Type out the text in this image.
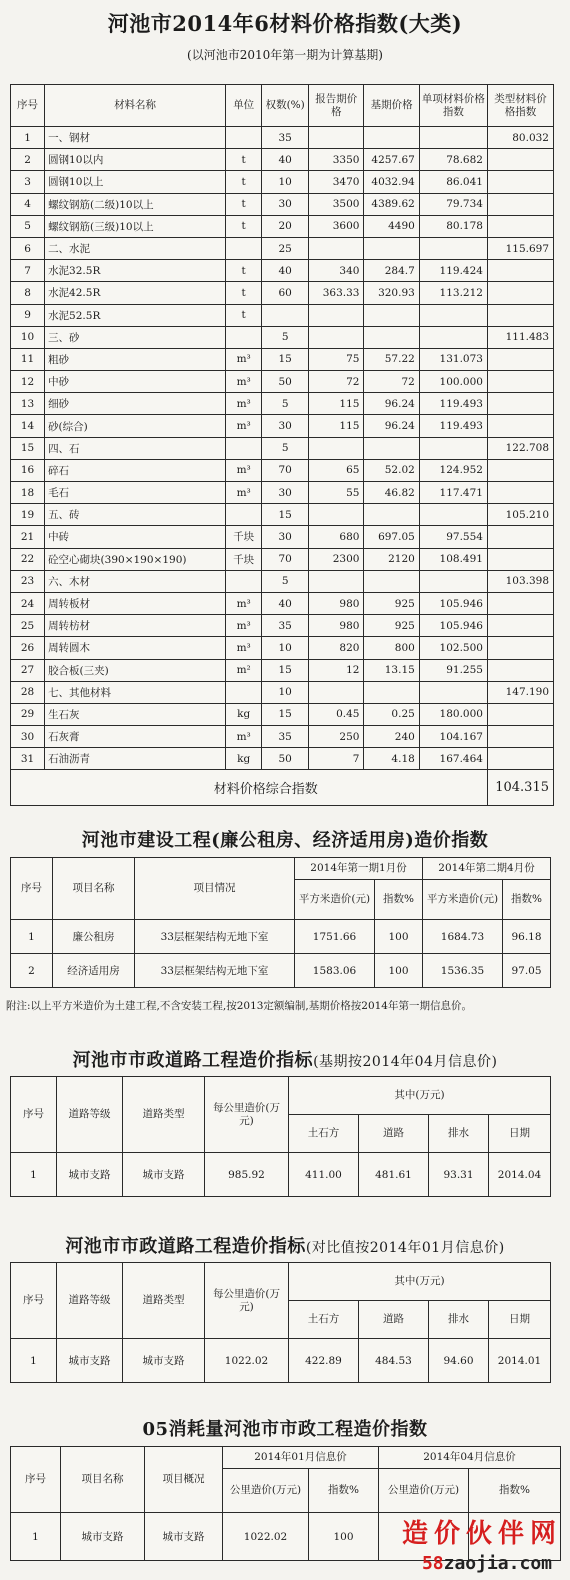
河池市2014年6材料价格指数(大类)
(以河池市2010年第一期为计算基期)
序号	材料名称	单位	权数(%)	报告期价格	基期价格	单项材料价格指数	类型材料价格指数
1	一、钢材		35				80.032
2	圆钢10以内	t	40	3350	4257.67	78.682	
3	圆钢10以上	t	10	3470	4032.94	86.041	
4	螺纹钢筋(二级)10以上	t	30	3500	4389.62	79.734	
5	螺纹钢筋(三级)10以上	t	20	3600	4490	80.178	
6	二、水泥		25				115.697
7	水泥32.5R	t	40	340	284.7	119.424	
8	水泥42.5R	t	60	363.33	320.93	113.212	
9	水泥52.5R	t					
10	三、砂		5				111.483
11	粗砂	m³	15	75	57.22	131.073	
12	中砂	m³	50	72	72	100.000	
13	细砂	m³	5	115	96.24	119.493	
14	砂(综合)	m³	30	115	96.24	119.493	
15	四、石		5				122.708
16	碎石	m³	70	65	52.02	124.952	
18	毛石	m³	30	55	46.82	117.471	
19	五、砖		15				105.210
21	中砖	千块	30	680	697.05	97.554	
22	砼空心砌块(390×190×190)	千块	70	2300	2120	108.491	
23	六、木材		5				103.398
24	周转板材	m³	40	980	925	105.946	
25	周转枋材	m³	35	980	925	105.946	
26	周转圆木	m³	10	820	800	102.500	
27	胶合板(三夹)	m²	15	12	13.15	91.255	
28	七、其他材料		10				147.190
29	生石灰	kg	15	0.45	0.25	180.000	
30	石灰膏	m³	35	250	240	104.167	
31	石油沥青	kg	50	7	4.18	167.464	
	材料价格综合指数						104.315
河池市建设工程(廉公租房、经济适用房)造价指数
序号	项目名称	项目情况	2014年第一期1月份		2014年第二期4月份	
			平方米造价(元)	指数%	平方米造价(元)	指数%
1	廉公租房	33层框架结构无地下室	1751.66	100	1684.73	96.18
2	经济适用房	33层框架结构无地下室	1583.06	100	1536.35	97.05
附注:以上平方米造价为土建工程,不含安装工程,按2013定额编制,基期价格按2014年第一期信息价。
河池市市政道路工程造价指标(基期按2014年04月信息价)
序号	道路等级	道路类型	每公里造价(万元)	其中(万元)			
				土石方	道路	排水	日期
1	城市支路	城市支路	985.92	411.00	481.61	93.31	2014.04
河池市市政道路工程造价指标(对比值按2014年01月信息价)
序号	道路等级	道路类型	每公里造价(万元)	其中(万元)			
				土石方	道路	排水	日期
1	城市支路	城市支路	1022.02	422.89	484.53	94.60	2014.01
05消耗量河池市市政工程造价指数
序号	项目名称	项目概况	2014年01月信息价		2014年04月信息价	
			公里造价(万元)	指数%	公里造价(万元)	指数%
1	城市支路	城市支路	1022.02	100		造价伙伴网
58zaojia.com
